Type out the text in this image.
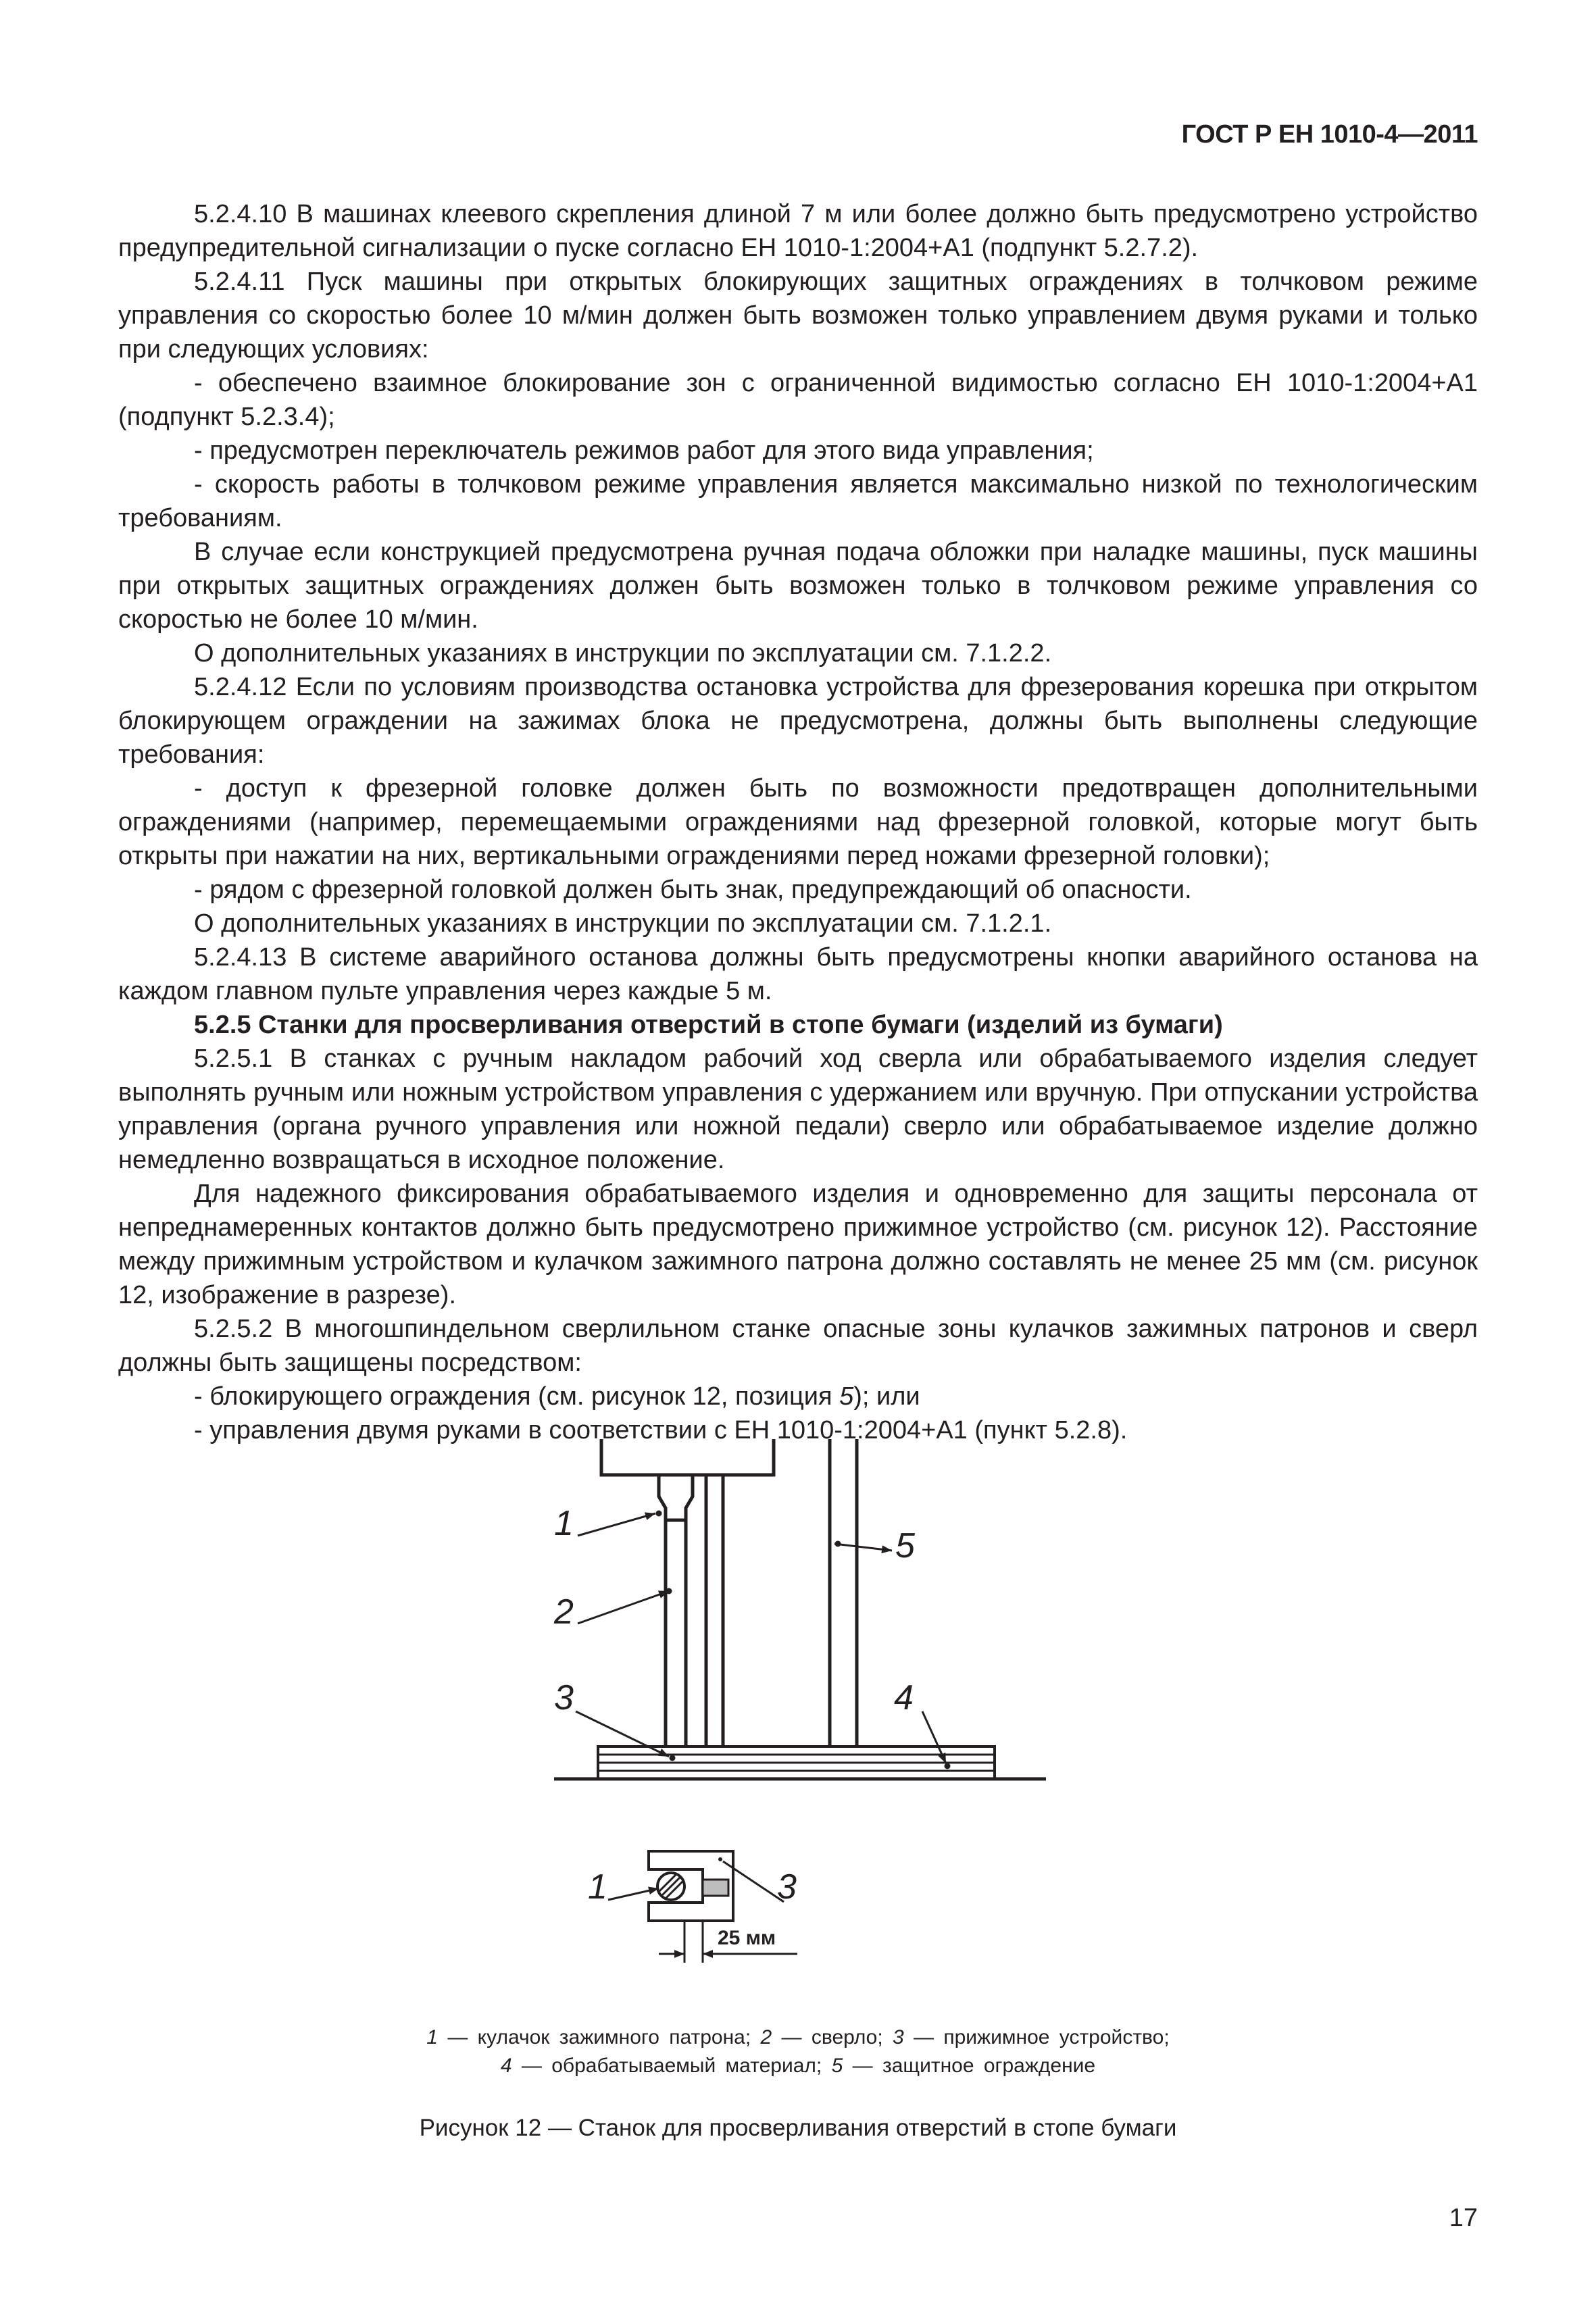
ГОСТ Р ЕН 1010-4—2011

5.2.4.10 В машинах клеевого скрепления длиной 7 м или более должно быть предусмотрено устройство предупредительной сигнализации о пуске согласно ЕН 1010-1:2004+А1 (подпункт 5.2.7.2).

5.2.4.11 Пуск машины при открытых блокирующих защитных ограждениях в толчковом режиме управления со скоростью более 10 м/мин должен быть возможен только управлением двумя руками и только при следующих условиях:

- обеспечено взаимное блокирование зон с ограниченной видимостью согласно ЕН 1010-1:2004+А1 (подпункт 5.2.3.4);

- предусмотрен переключатель режимов работ для этого вида управления;

- скорость работы в толчковом режиме управления является максимально низкой по технологическим требованиям.

В случае если конструкцией предусмотрена ручная подача обложки при наладке машины, пуск машины при открытых защитных ограждениях должен быть возможен только в толчковом режиме управления со скоростью не более 10 м/мин.

О дополнительных указаниях в инструкции по эксплуатации см. 7.1.2.2.

5.2.4.12 Если по условиям производства остановка устройства для фрезерования корешка при открытом блокирующем ограждении на зажимах блока не предусмотрена, должны быть выполнены следующие требования:

- доступ к фрезерной головке должен быть по возможности предотвращен дополнительными ограждениями (например, перемещаемыми ограждениями над фрезерной головкой, которые могут быть открыты при нажатии на них, вертикальными ограждениями перед ножами фрезерной головки);

- рядом с фрезерной головкой должен быть знак, предупреждающий об опасности.

О дополнительных указаниях в инструкции по эксплуатации см. 7.1.2.1.

5.2.4.13 В системе аварийного останова должны быть предусмотрены кнопки аварийного останова на каждом главном пульте управления через каждые 5 м.

5.2.5 Станки для просверливания отверстий в стопе бумаги (изделий из бумаги)

5.2.5.1 В станках с ручным накладом рабочий ход сверла или обрабатываемого изделия следует выполнять ручным или ножным устройством управления с удержанием или вручную. При отпускании устройства управления (органа ручного управления или ножной педали) сверло или обрабатываемое изделие должно немедленно возвращаться в исходное положение.

Для надежного фиксирования обрабатываемого изделия и одновременно для защиты персонала от непреднамеренных контактов должно быть предусмотрено прижимное устройство (см. рисунок 12). Расстояние между прижимным устройством и кулачком зажимного патрона должно составлять не менее 25 мм (см. рисунок 12, изображение в разрезе).

5.2.5.2 В многошпиндельном сверлильном станке опасные зоны кулачков зажимных патронов и сверл должны быть защищены посредством:

- блокирующего ограждения (см. рисунок 12, позиция 5); или

- управления двумя руками в соответствии с ЕН 1010-1:2004+А1 (пункт 5.2.8).

1
2
3	4
5
1	3
25 мм
1 — кулачок зажимного патрона; 2 — сверло; 3 — прижимное устройство;
4 — обрабатываемый материал; 5 — защитное ограждение
Рисунок 12 — Станок для просверливания отверстий в стопе бумаги
17
